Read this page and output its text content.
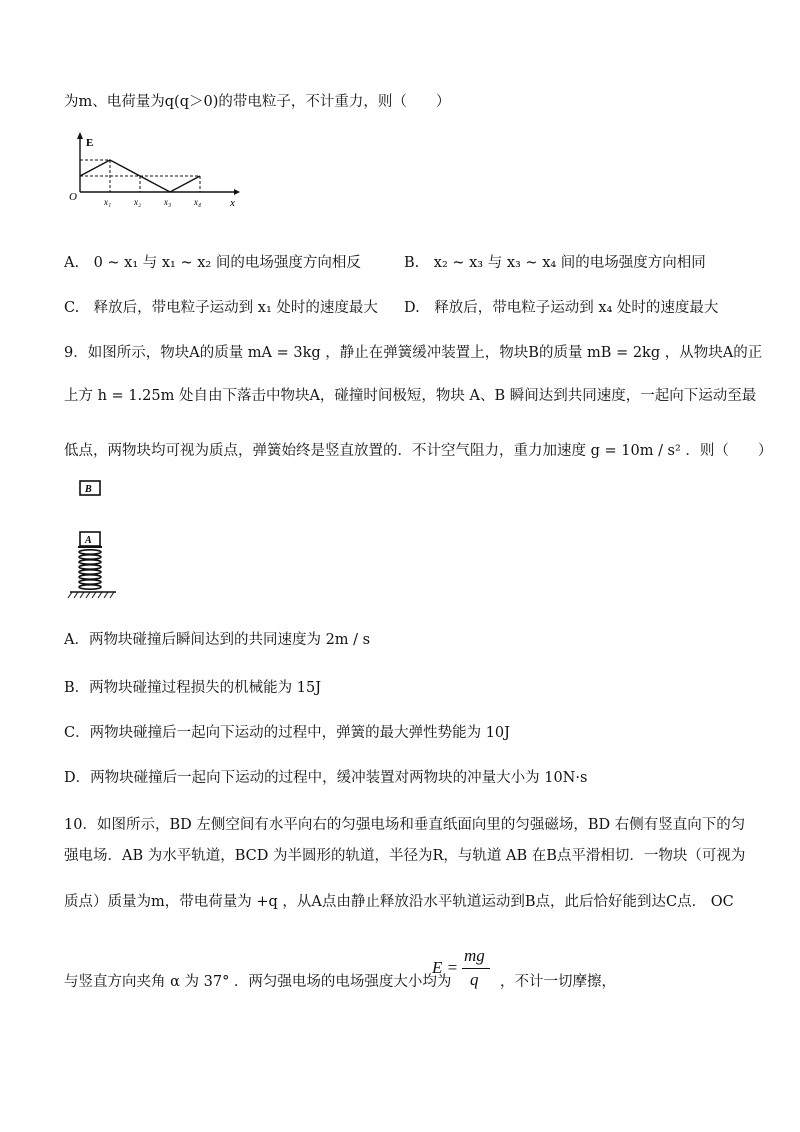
为m、电荷量为q(q＞0)的带电粒子，不计重力，则（　　）
E
O	x
x₁	x₂	x₃	x₄
A.　0 ~ x₁ 与 x₁ ~ x₂ 间的电场强度方向相反	B.　x₂ ~ x₃ 与 x₃ ~ x₄ 间的电场强度方向相同
C.　释放后，带电粒子运动到 x₁ 处时的速度最大 D.　释放后，带电粒子运动到 x₄ 处时的速度最大
9．如图所示，物块A的质量 mA = 3kg ，静止在弹簧缓冲装置上，物块B的质量 mB = 2kg ，从物块A的正
上方 h = 1.25m 处自由下落击中物块A，碰撞时间极短，物块 A、B 瞬间达到共同速度，一起向下运动至最
低点，两物块均可视为质点，弹簧始终是竖直放置的．不计空气阻力，重力加速度 g = 10m / s² ．则（　　）
B
A
A．两物块碰撞后瞬间达到的共同速度为 2m / s
B．两物块碰撞过程损失的机械能为 15J
C．两物块碰撞后一起向下运动的过程中，弹簧的最大弹性势能为 10J
D．两物块碰撞后一起向下运动的过程中，缓冲装置对两物块的冲量大小为 10N·s
10．如图所示，BD 左侧空间有水平向右的匀强电场和垂直纸面向里的匀强磁场，BD 右侧有竖直向下的匀
强电场．AB 为水平轨道，BCD 为半圆形的轨道，半径为R，与轨道 AB 在B点平滑相切．一物块（可视为
质点）质量为m，带电荷量为 +q ，从A点由静止释放沿水平轨道运动到B点，此后恰好能到达C点． OC
与竖直方向夹角 α 为 37° ．两匀强电场的电场强度大小均为
E =
mg
q ，不计一切摩擦，
